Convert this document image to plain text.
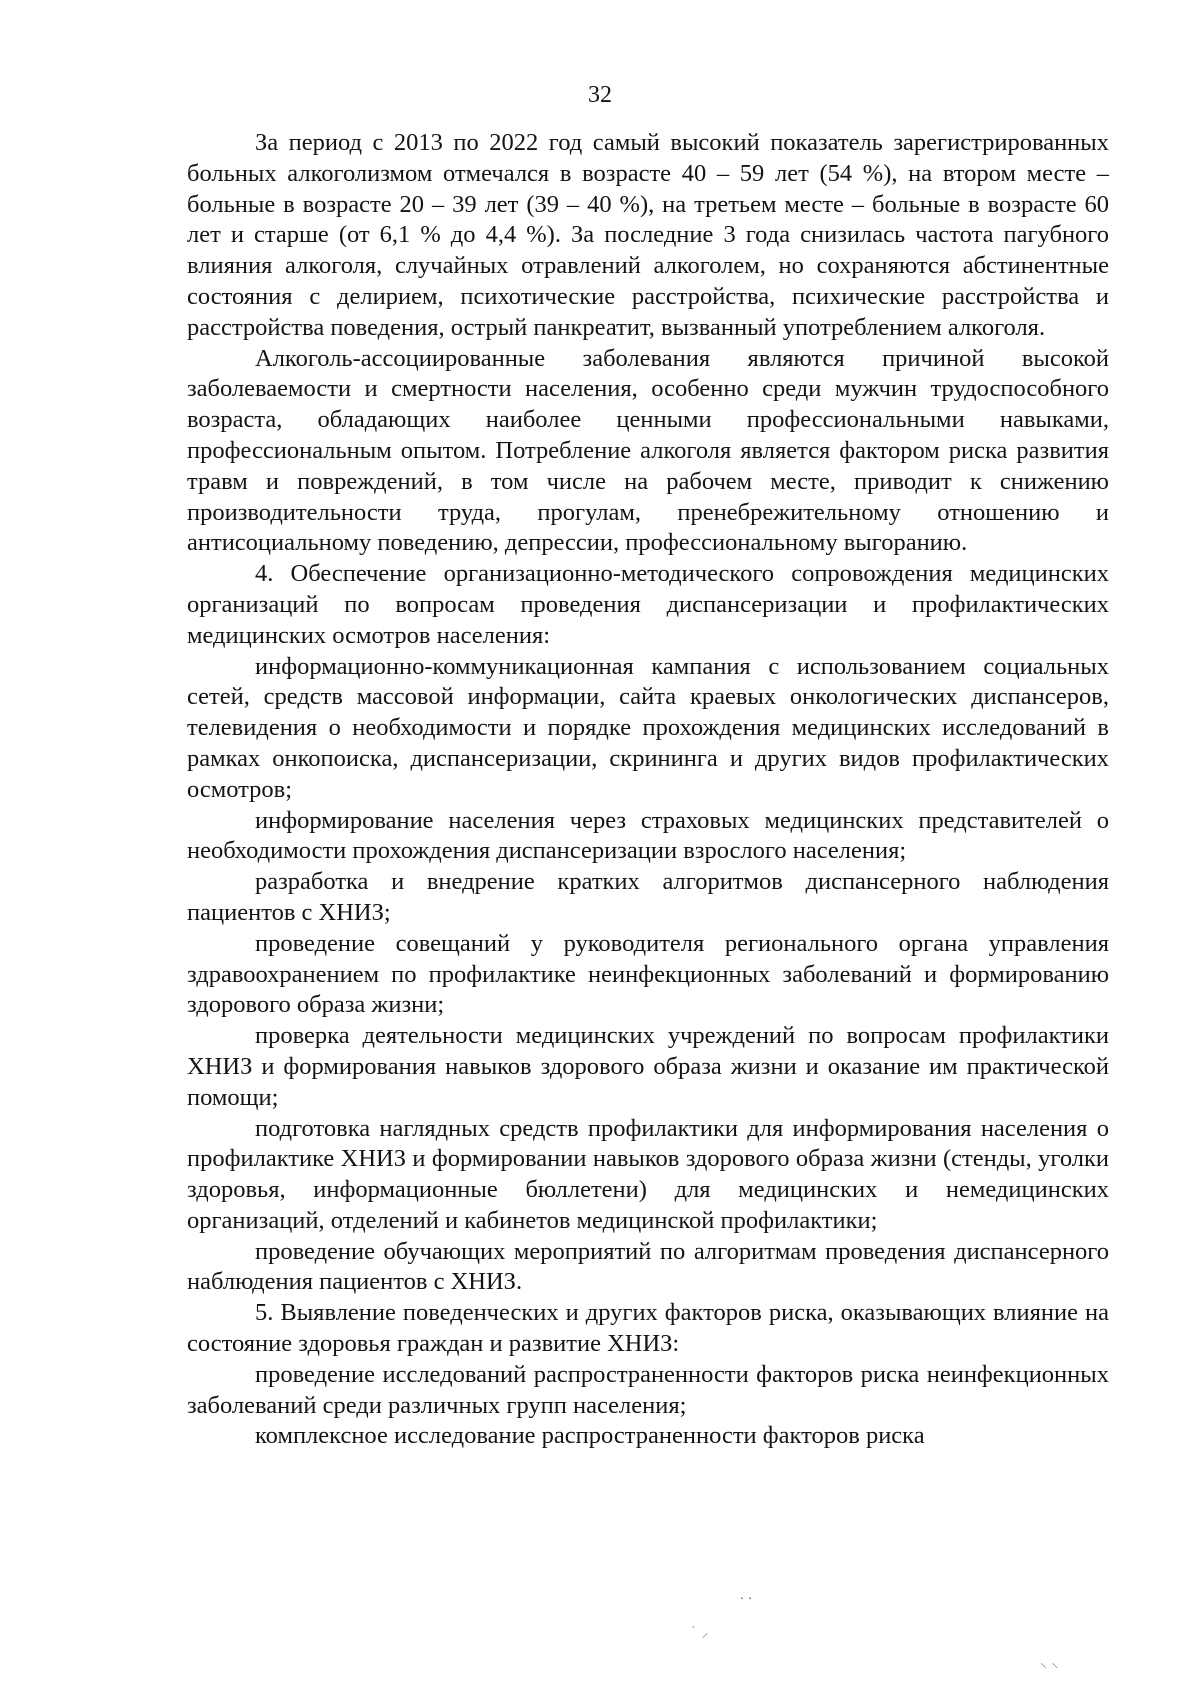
32

За период с 2013 по 2022 год самый высокий показатель зарегистрированных больных алкоголизмом отмечался в возрасте 40 – 59 лет (54 %), на втором месте – больные в возрасте 20 – 39 лет (39 – 40 %), на третьем месте – больные в возрасте 60 лет и старше (от 6,1 % до 4,4 %). За последние 3 года снизилась частота пагубного влияния алкоголя, случайных отравлений алкоголем, но сохраняются абстинентные состояния с делирием, психотические расстройства, психические расстройства и расстройства поведения, острый панкреатит, вызванный употреблением алкоголя.

Алкоголь-ассоциированные заболевания являются причиной высокой заболеваемости и смертности населения, особенно среди мужчин трудоспособного возраста, обладающих наиболее ценными профессиональными навыками, профессиональным опытом. Потребление алкоголя является фактором риска развития травм и повреждений, в том числе на рабочем месте, приводит к снижению производительности труда, прогулам, пренебрежительному отношению и антисоциальному поведению, депрессии, профессиональному выгоранию.

4. Обеспечение организационно-методического сопровождения медицинских организаций по вопросам проведения диспансеризации и профилактических медицинских осмотров населения:

информационно-коммуникационная кампания с использованием социальных сетей, средств массовой информации, сайта краевых онкологических диспансеров, телевидения о необходимости и порядке прохождения медицинских исследований в рамках онкопоиска, диспансеризации, скрининга и других видов профилактических осмотров;

информирование населения через страховых медицинских представителей о необходимости прохождения диспансеризации взрослого населения;

разработка и внедрение кратких алгоритмов диспансерного наблюдения пациентов с ХНИЗ;

проведение совещаний у руководителя регионального органа управления здравоохранением по профилактике неинфекционных заболеваний и формированию здорового образа жизни;

проверка деятельности медицинских учреждений по вопросам профилактики ХНИЗ и формирования навыков здорового образа жизни и оказание им практической помощи;

подготовка наглядных средств профилактики для информирования населения о профилактике ХНИЗ и формировании навыков здорового образа жизни (стенды, уголки здоровья, информационные бюллетени) для медицинских и немедицинских организаций, отделений и кабинетов медицинской профилактики;

проведение обучающих мероприятий по алгоритмам проведения диспансерного наблюдения пациентов с ХНИЗ.

5. Выявление поведенческих и других факторов риска, оказывающих влияние на состояние здоровья граждан и развитие ХНИЗ:

проведение исследований распространенности факторов риска неинфекционных заболеваний среди различных групп населения;

комплексное исследование распространенности факторов риска

⸳ ⸳
˙ ⸝
⸌ ⸌
